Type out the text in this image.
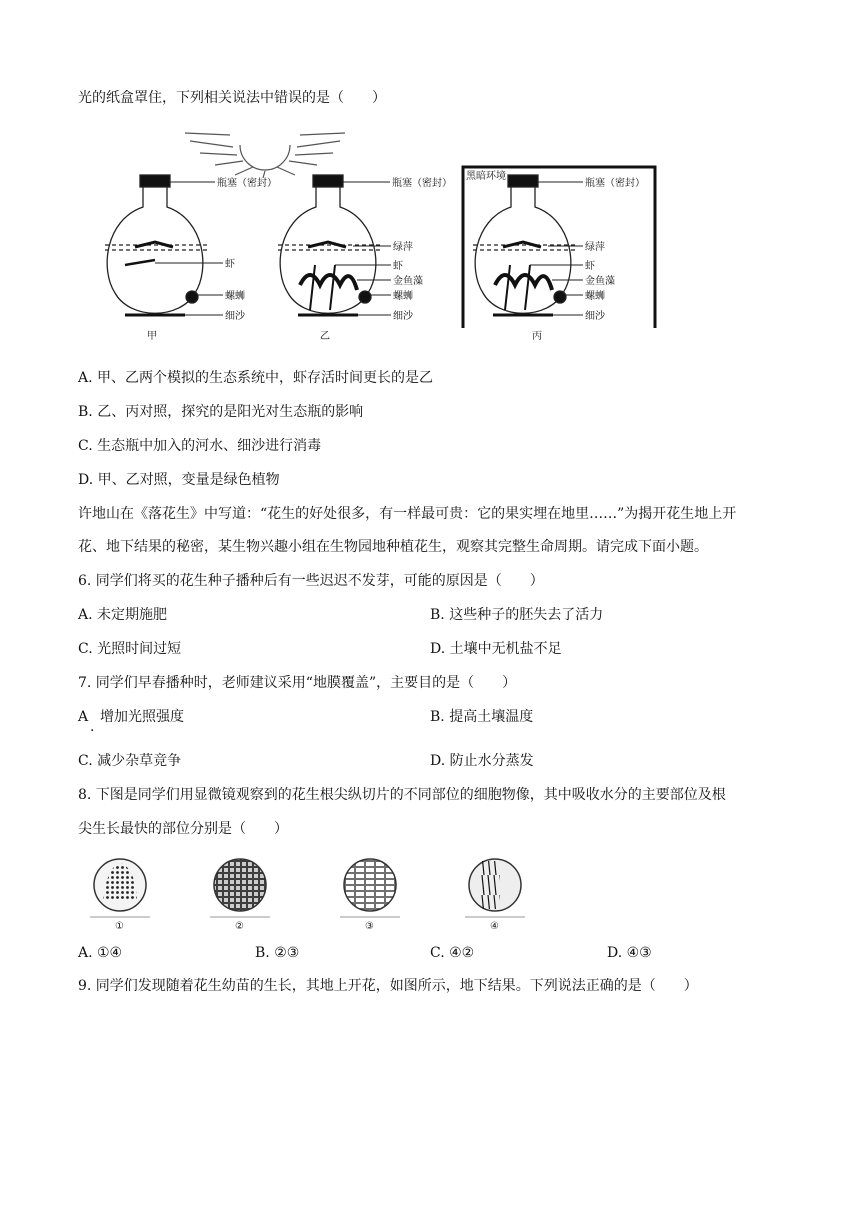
光的纸盒罩住，下列相关说法中错误的是（　　）
瓶塞（密封）
虾
螺蛳
细沙
瓶塞（密封）
绿萍
虾
金鱼藻
螺蛳
细沙
黑暗环境
瓶塞（密封）
绿萍
虾
金鱼藻
螺蛳
细沙
甲	乙	丙
A. 甲、乙两个模拟的生态系统中，虾存活时间更长的是乙
B. 乙、丙对照，探究的是阳光对生态瓶的影响
C. 生态瓶中加入的河水、细沙进行消毒
D. 甲、乙对照，变量是绿色植物
许地山在《落花生》中写道：“花生的好处很多，有一样最可贵：它的果实埋在地里……”为揭开花生地上开
花、地下结果的秘密，某生物兴趣小组在生物园地种植花生，观察其完整生命周期。请完成下面小题。
6. 同学们将买的花生种子播种后有一些迟迟不发芽，可能的原因是（　　）
A. 未定期施肥	B. 这些种子的胚失去了活力
C. 光照时间过短	D. 土壤中无机盐不足
7. 同学们早春播种时，老师建议采用“地膜覆盖”，主要目的是（　　）
A 增加光照强度
·
B. 提高土壤温度
C. 减少杂草竞争	D. 防止水分蒸发
8. 下图是同学们用显微镜观察到的花生根尖纵切片的不同部位的细胞物像，其中吸收水分的主要部位及根
尖生长最快的部位分别是（　　）
①	②	③	④
A. ①④	B. ②③	C. ④②	D. ④③
9. 同学们发现随着花生幼苗的生长，其地上开花，如图所示，地下结果。下列说法正确的是（　　）
